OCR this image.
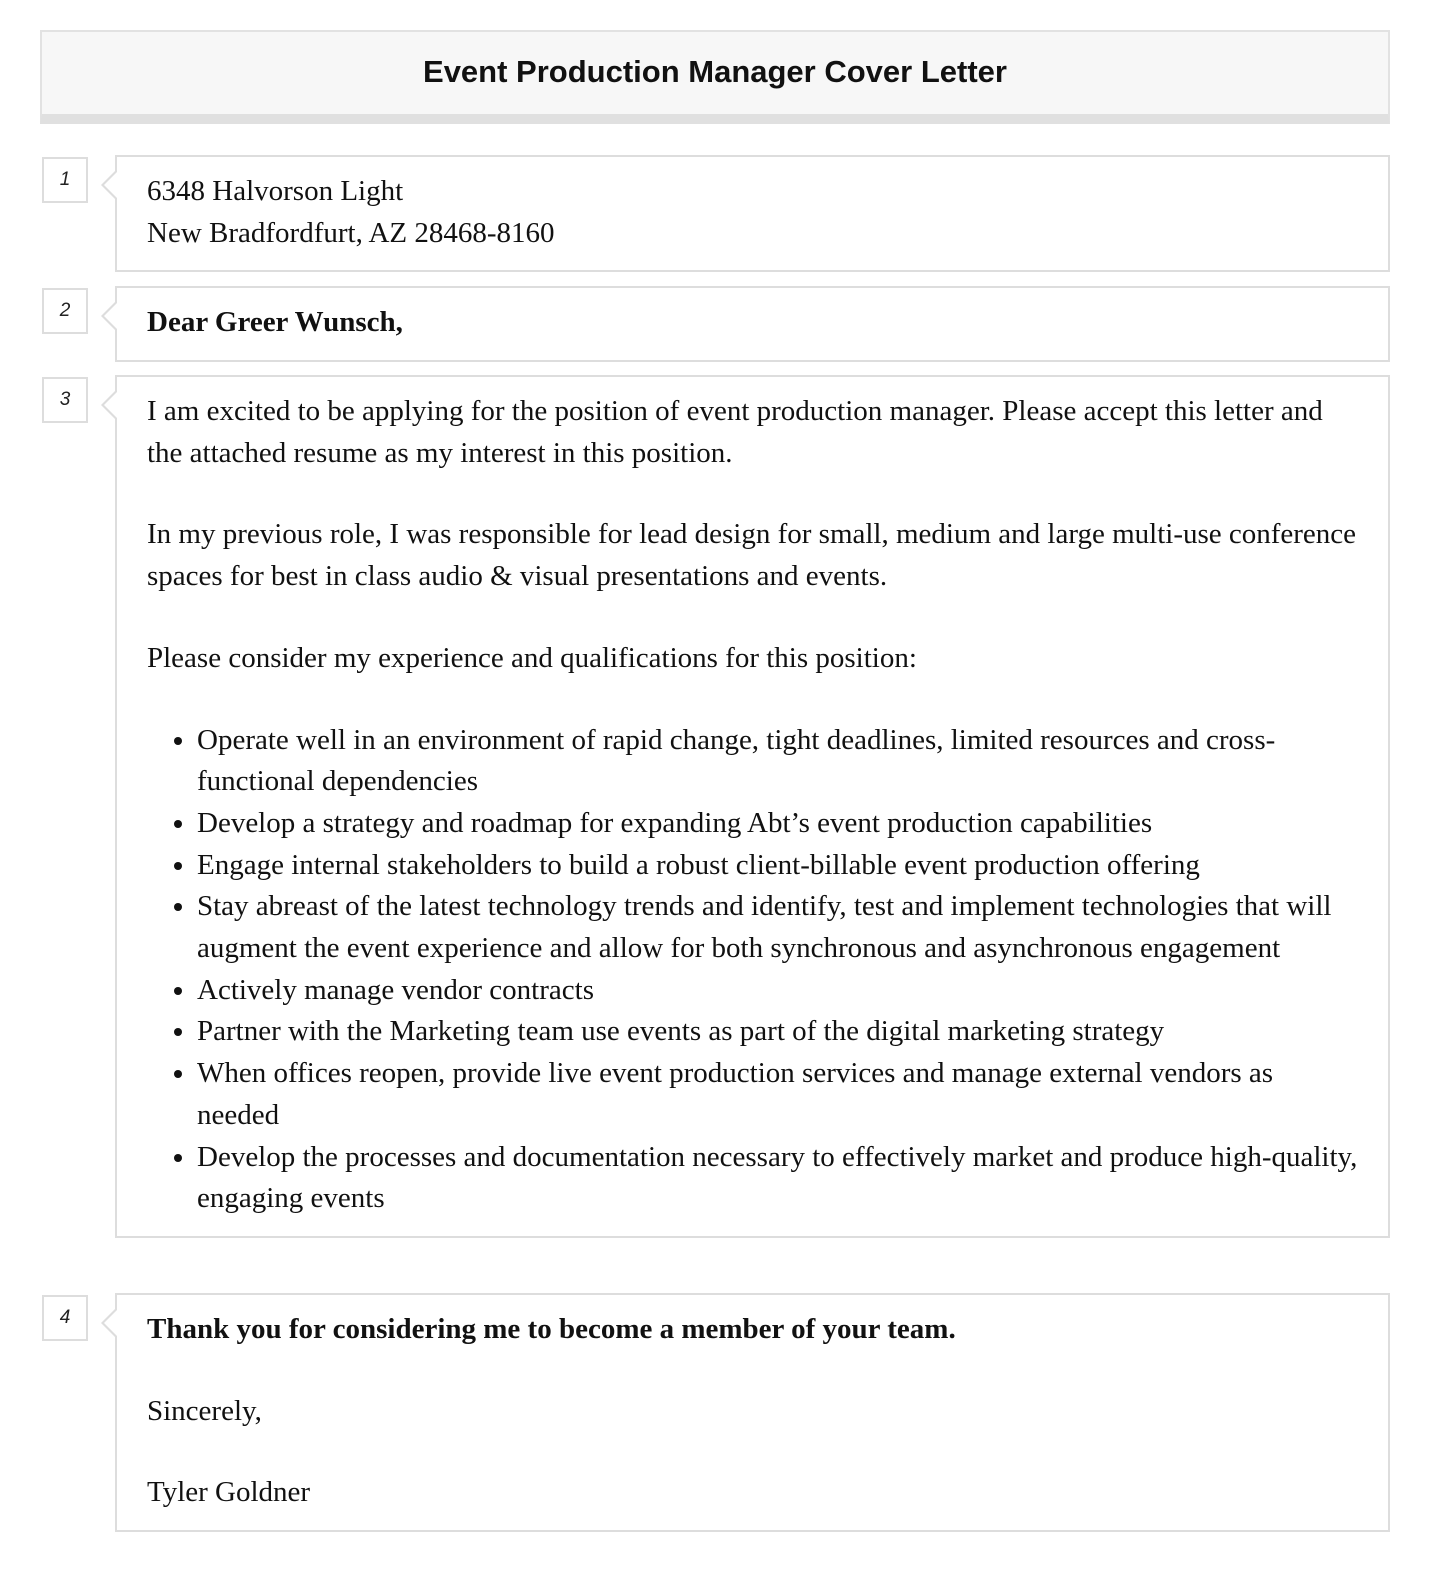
Event Production Manager Cover Letter
1	6348 Halvorson Light

New Bradfordfurt, AZ 28468-8160

2	Dear Greer Wunsch,

3	I am excited to be applying for the position of event production manager. Please accept this letter and the attached resume as my interest in this position.

In my previous role, I was responsible for lead design for small, medium and large multi-use conference spaces for best in class audio & visual presentations and events.

Please consider my experience and qualifications for this position:

• Operate well in an environment of rapid change, tight deadlines, limited resources and cross-functional dependencies
• Develop a strategy and roadmap for expanding Abt’s event production capabilities
• Engage internal stakeholders to build a robust client-billable event production offering
• Stay abreast of the latest technology trends and identify, test and implement technologies that will augment the event experience and allow for both synchronous and asynchronous engagement
• Actively manage vendor contracts
• Partner with the Marketing team use events as part of the digital marketing strategy
• When offices reopen, provide live event production services and manage external vendors as needed
• Develop the processes and documentation necessary to effectively market and produce high-quality, engaging events
4	Thank you for considering me to become a member of your team.

Sincerely,

Tyler Goldner
